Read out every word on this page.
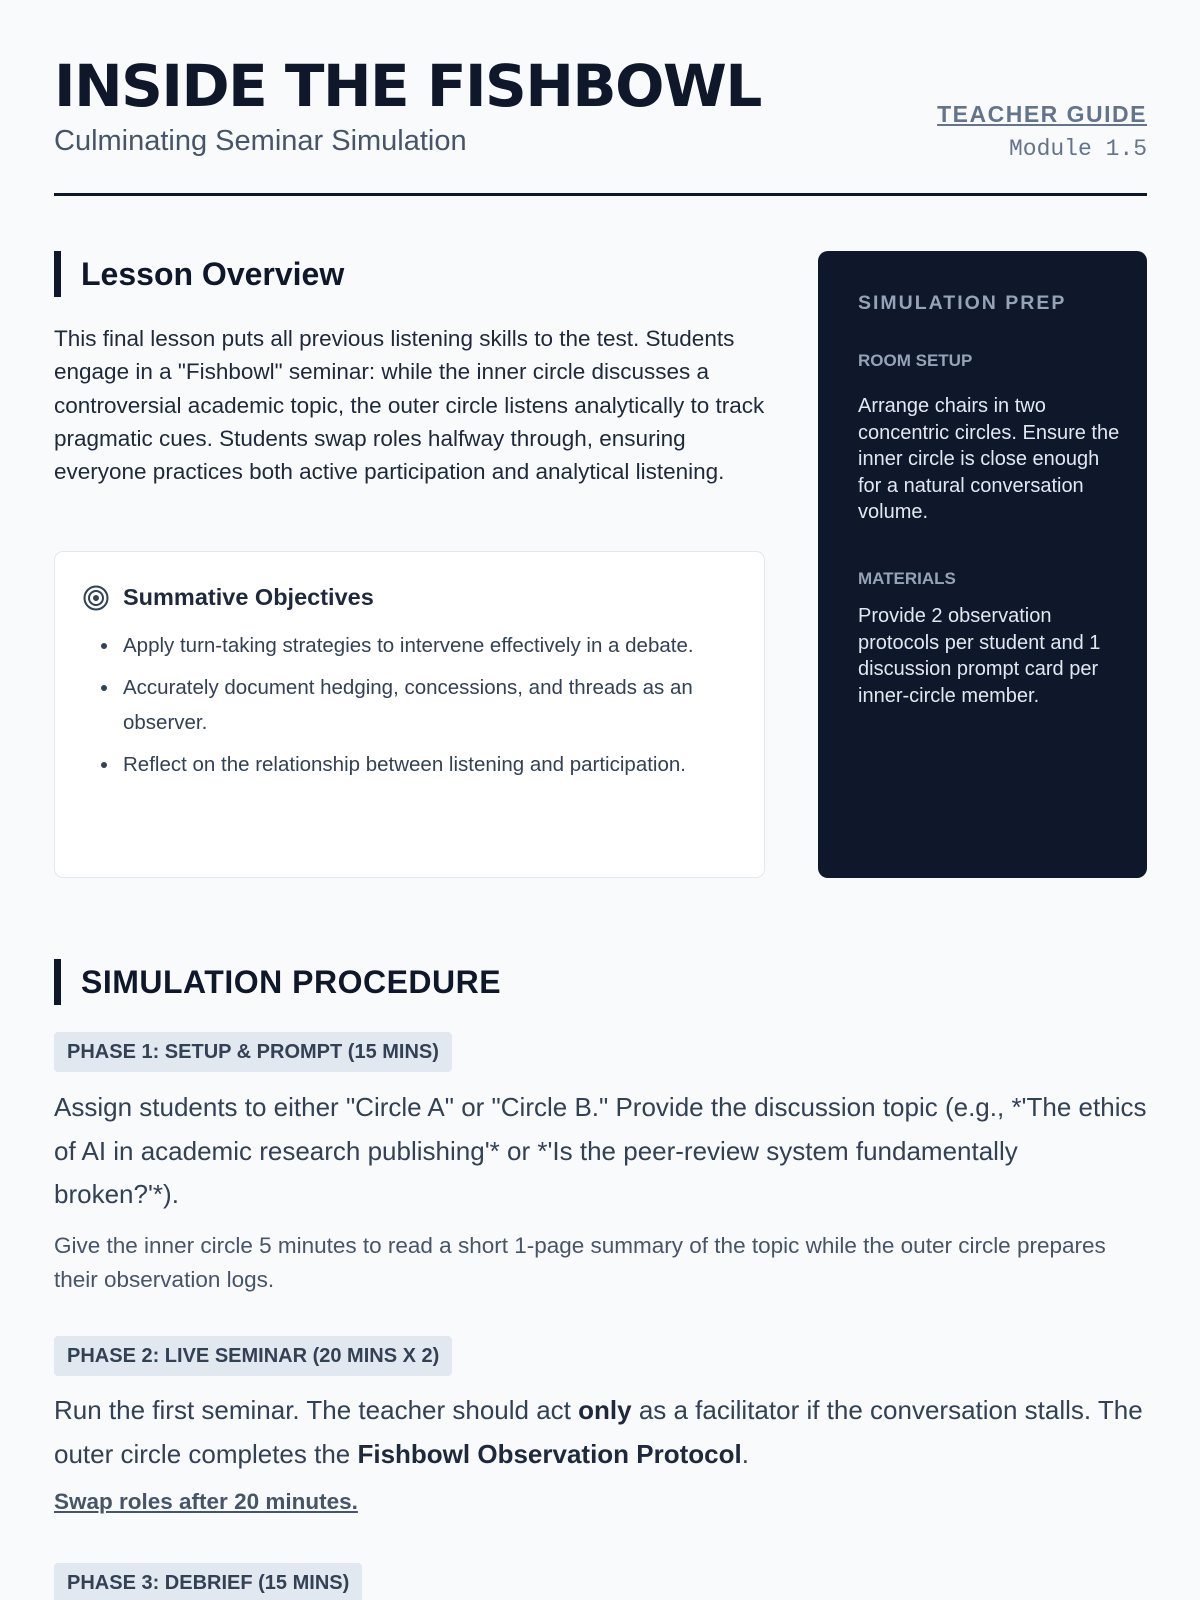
INSIDE THE FISHBOWL
Culminating Seminar Simulation
TEACHER GUIDE
Module 1.5
Lesson Overview

This final lesson puts all previous listening skills to the test. Students engage in a "Fishbowl" seminar: while the inner circle discusses a controversial academic topic, the outer circle listens analytically to track pragmatic cues. Students swap roles halfway through, ensuring everyone practices both active participation and analytical listening.

Summative Objectives
Apply turn-taking strategies to intervene effectively in a debate.
Accurately document hedging, concessions, and threads as an observer.
Reflect on the relationship between listening and participation.
SIMULATION PREP
ROOM SETUP
Arrange chairs in two concentric circles. Ensure the inner circle is close enough for a natural conversation volume.
MATERIALS
Provide 2 observation protocols per student and 1 discussion prompt card per inner-circle member.
SIMULATION PROCEDURE
PHASE 1: SETUP & PROMPT (15 MINS)

Assign students to either "Circle A" or "Circle B." Provide the discussion topic (e.g., *'The ethics of AI in academic research publishing'* or *'Is the peer-review system fundamentally broken?'*).

Give the inner circle 5 minutes to read a short 1-page summary of the topic while the outer circle prepares their observation logs.

PHASE 2: LIVE SEMINAR (20 MINS X 2)

Run the first seminar. The teacher should act only as a facilitator if the conversation stalls. The outer circle completes the Fishbowl Observation Protocol.

Swap roles after 20 minutes.
PHASE 3: DEBRIEF (15 MINS)
